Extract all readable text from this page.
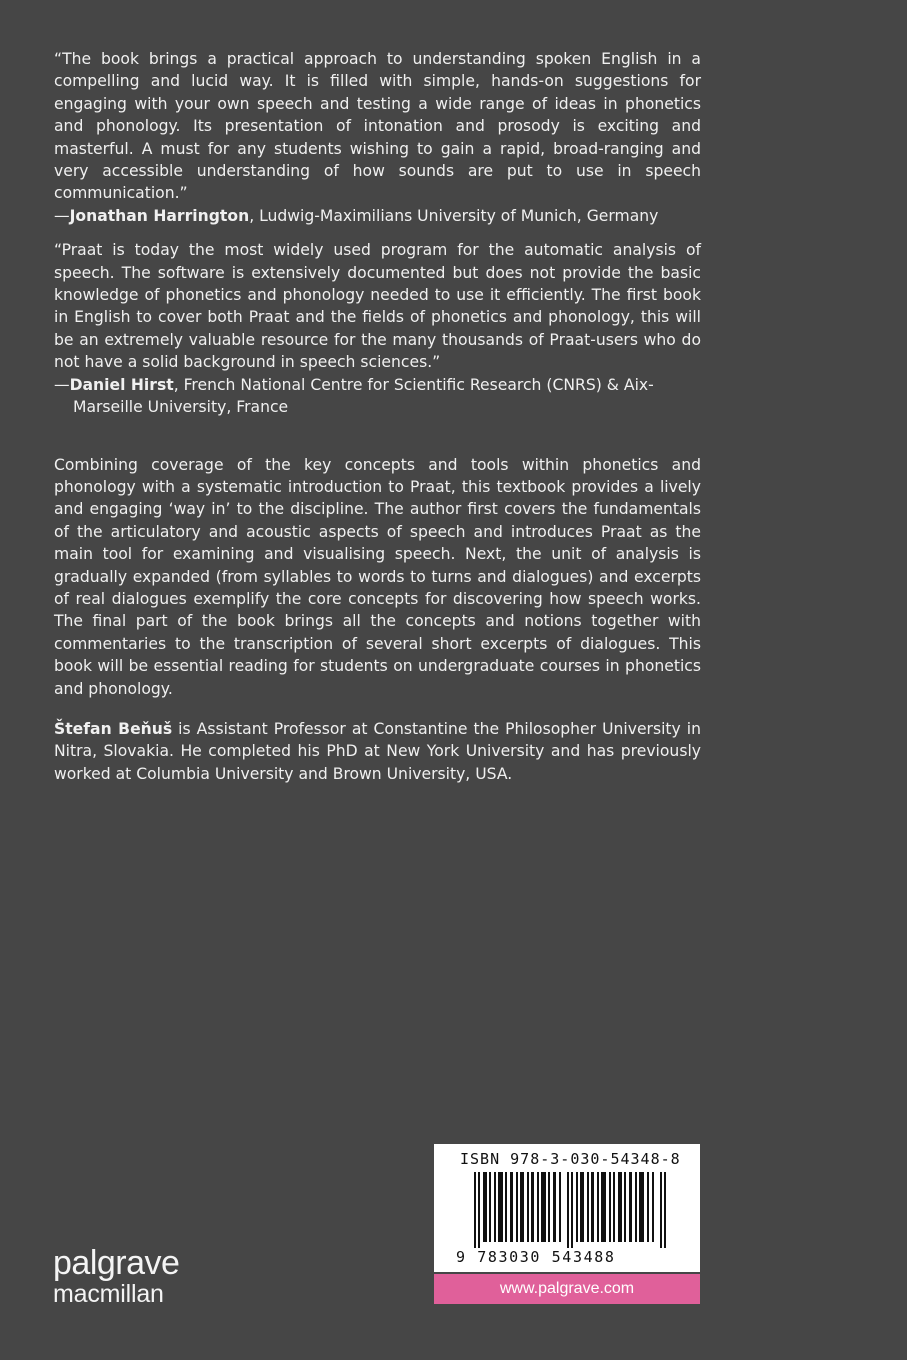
“The book brings a practical approach to understanding spoken English in a compelling and lucid way. It is filled with simple, hands-on suggestions for engaging with your own speech and testing a wide range of ideas in phonetics and phonology. Its presentation of intonation and prosody is exciting and masterful. A must for any students wishing to gain a rapid, broad-ranging and very accessible understanding of how sounds are put to use in speech communication.”

—Jonathan Harrington, Ludwig-Maximilians University of Munich, Germany

“Praat is today the most widely used program for the automatic analysis of speech. The software is extensively documented but does not provide the basic knowledge of phonetics and phonology needed to use it efficiently. The first book in English to cover both Praat and the fields of phonetics and phonology, this will be an extremely valuable resource for the many thousands of Praat-users who do not have a solid background in speech sciences.”

—Daniel Hirst, French National Centre for Scientific Research (CNRS) & Aix-Marseille University, France

Combining coverage of the key concepts and tools within phonetics and phonology with a systematic introduction to Praat, this textbook provides a lively and engaging ‘way in’ to the discipline. The author first covers the fundamentals of the articulatory and acoustic aspects of speech and introduces Praat as the main tool for examining and visualising speech. Next, the unit of analysis is gradually expanded (from syllables to words to turns and dialogues) and excerpts of real dialogues exemplify the core concepts for discovering how speech works. The final part of the book brings all the concepts and notions together with commentaries to the transcription of several short excerpts of dialogues. This book will be essential reading for students on undergraduate courses in phonetics and phonology.

Štefan Beňuš is Assistant Professor at Constantine the Philosopher University in Nitra, Slovakia. He completed his PhD at New York University and has previously worked at Columbia University and Brown University, USA.

palgrave
macmillan
ISBN 978-3-030-54348-8
9 783030 543488
www.palgrave.com
